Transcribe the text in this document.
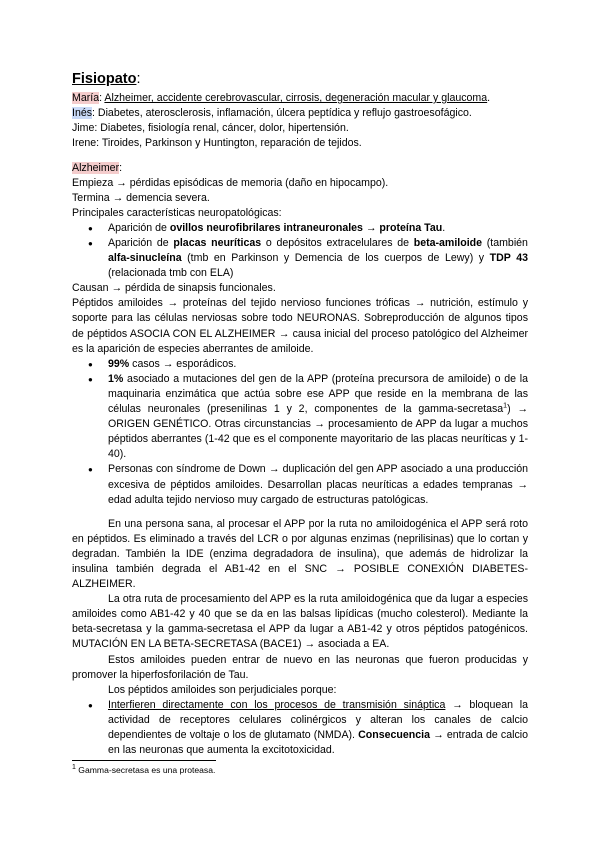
Fisiopato:
María: Alzheimer, accidente cerebrovascular, cirrosis, degeneración macular y glaucoma.
Inés: Diabetes, aterosclerosis, inflamación, úlcera peptídica y reflujo gastroesofágico.
Jime: Diabetes, fisiología renal, cáncer, dolor, hipertensión.
Irene: Tiroides, Parkinson y Huntington, reparación de tejidos.
Alzheimer:
Empieza → pérdidas episódicas de memoria (daño en hipocampo).
Termina → demencia severa.
Principales características neuropatológicas:
● Aparición de ovillos neurofibrilares intraneuronales → proteína Tau.
● Aparición de placas neuríticas o depósitos extracelulares de beta-amiloide (también alfa-sinucleína (tmb en Parkinson y Demencia de los cuerpos de Lewy) y TDP 43 (relacionada tmb con ELA)
Causan → pérdida de sinapsis funcionales.

Péptidos amiloides → proteínas del tejido nervioso funciones tróficas → nutrición, estímulo y soporte para las células nerviosas sobre todo NEURONAS. Sobreproducción de algunos tipos de péptidos ASOCIA CON EL ALZHEIMER → causa inicial del proceso patológico del Alzheimer es la aparición de especies aberrantes de amiloide.

● 99% casos → esporádicos.
● 1% asociado a mutaciones del gen de la APP (proteína precursora de amiloide) o de la maquinaria enzimática que actúa sobre ese APP que reside en la membrana de las células neuronales (presenilinas 1 y 2, componentes de la gamma-secretasa$^1$) → ORIGEN GENÉTICO. Otras circunstancias → procesamiento de APP da lugar a muchos péptidos aberrantes (1-42 que es el componente mayoritario de las placas neuríticas y 1-40).
● Personas con síndrome de Down → duplicación del gen APP asociado a una producción excesiva de péptidos amiloides. Desarrollan placas neuríticas a edades tempranas → edad adulta tejido nervioso muy cargado de estructuras patológicas.

En una persona sana, al procesar el APP por la ruta no amiloidogénica el APP será roto en péptidos. Es eliminado a través del LCR o por algunas enzimas (neprilisinas) que lo cortan y degradan. También la IDE (enzima degradadora de insulina), que además de hidrolizar la insulina también degrada el AB1-42 en el SNC → POSIBLE CONEXIÓN DIABETES-ALZHEIMER.

La otra ruta de procesamiento del APP es la ruta amiloidogénica que da lugar a especies amiloides como AB1-42 y 40 que se da en las balsas lipídicas (mucho colesterol). Mediante la beta-secretasa y la gamma-secretasa el APP da lugar a AB1-42 y otros péptidos patogénicos. MUTACIÓN EN LA BETA-SECRETASA (BACE1) → asociada a EA.

Estos amiloides pueden entrar de nuevo en las neuronas que fueron producidas y promover la hiperfosforilación de Tau.

Los péptidos amiloides son perjudiciales porque:

● Interfieren directamente con los procesos de transmisión sináptica → bloquean la actividad de receptores celulares colinérgicos y alteran los canales de calcio dependientes de voltaje o los de glutamato (NMDA). Consecuencia → entrada de calcio en las neuronas que aumenta la excitotoxicidad.
$^1$ Gamma-secretasa es una proteasa.
